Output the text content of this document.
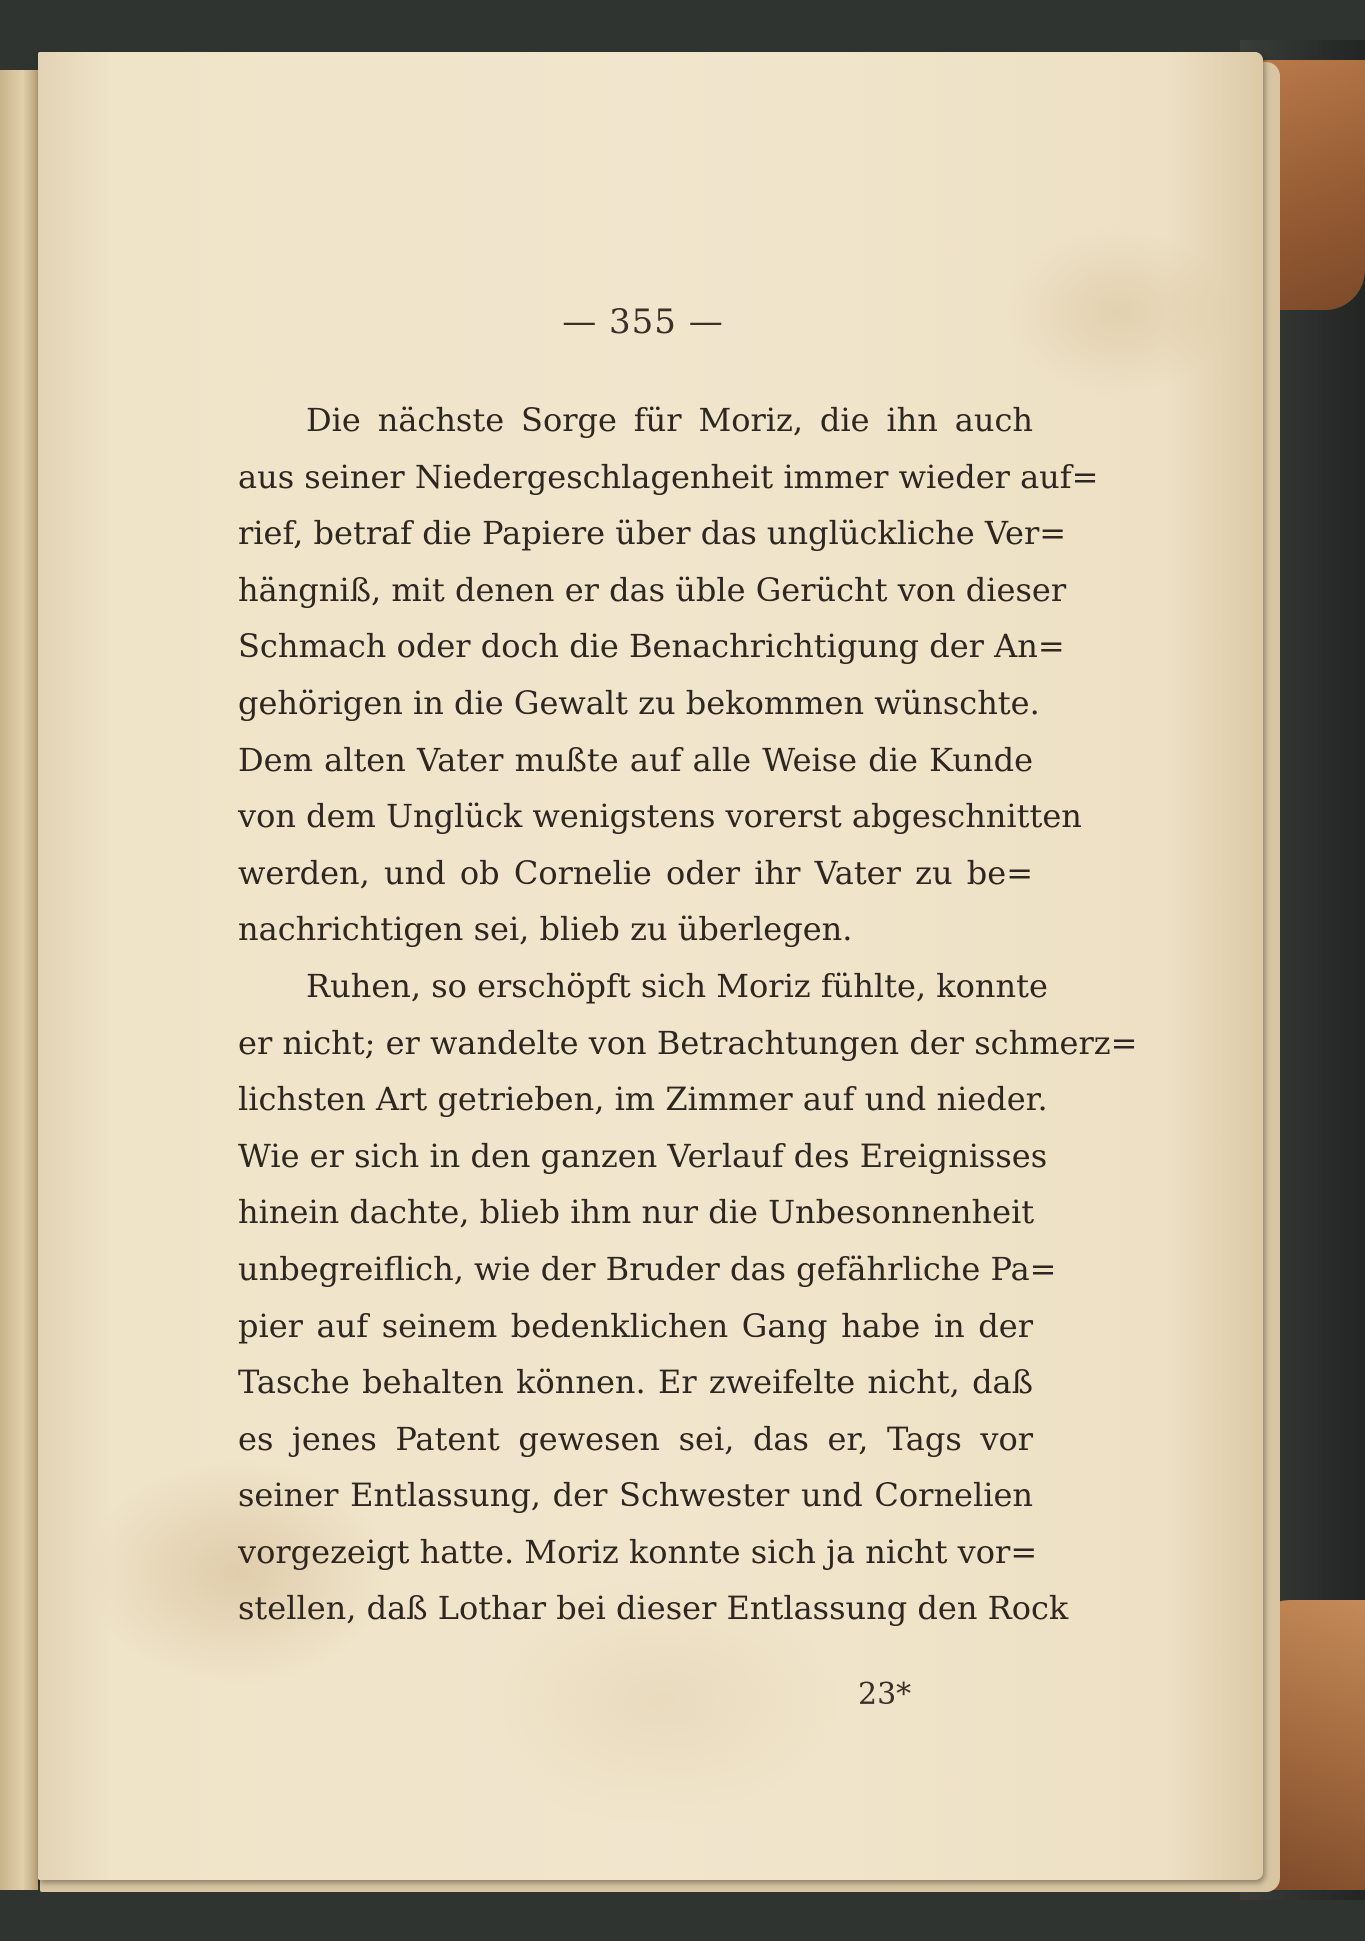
— 355 —
Die nächste Sorge für Moriz, die ihn auch
aus seiner Niedergeschlagenheit immer wieder auf=
rief, betraf die Papiere über das unglückliche Ver=
hängniß, mit denen er das üble Gerücht von dieser
Schmach oder doch die Benachrichtigung der An=
gehörigen in die Gewalt zu bekommen wünschte.
Dem alten Vater mußte auf alle Weise die Kunde
von dem Unglück wenigstens vorerst abgeschnitten
werden, und ob Cornelie oder ihr Vater zu be=
nachrichtigen sei, blieb zu überlegen.
Ruhen, so erschöpft sich Moriz fühlte, konnte
er nicht; er wandelte von Betrachtungen der schmerz=
lichsten Art getrieben, im Zimmer auf und nieder.
Wie er sich in den ganzen Verlauf des Ereignisses
hinein dachte, blieb ihm nur die Unbesonnenheit
unbegreiflich, wie der Bruder das gefährliche Pa=
pier auf seinem bedenklichen Gang habe in der
Tasche behalten können. Er zweifelte nicht, daß
es jenes Patent gewesen sei, das er, Tags vor
seiner Entlassung, der Schwester und Cornelien
vorgezeigt hatte. Moriz konnte sich ja nicht vor=
stellen, daß Lothar bei dieser Entlassung den Rock
23*
